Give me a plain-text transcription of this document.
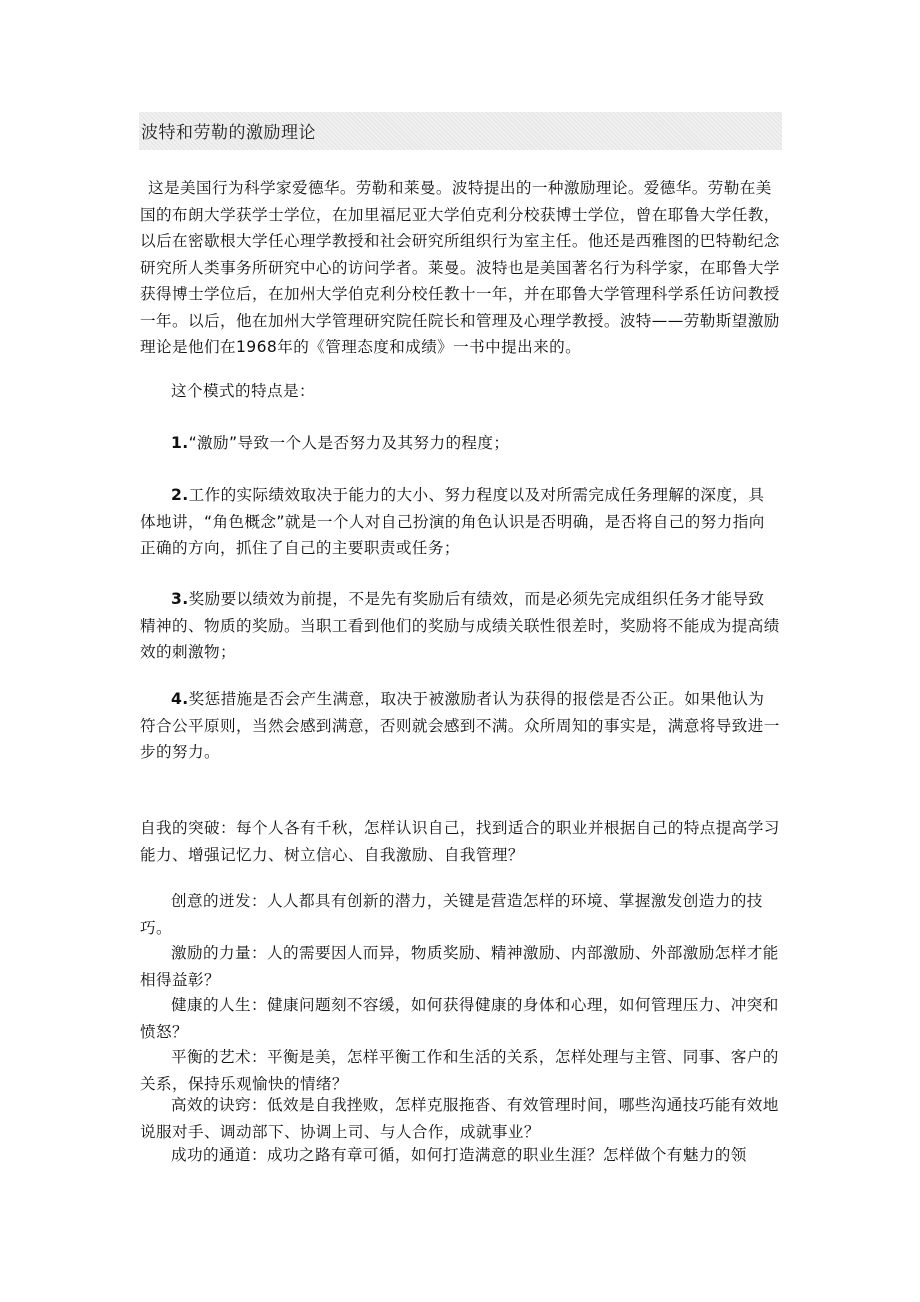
波特和劳勒的激励理论
这是美国行为科学家爱德华。劳勒和莱曼。波特提出的一种激励理论。爱德华。劳勒在美国的布朗大学获学士学位，在加里福尼亚大学伯克利分校获博士学位，曾在耶鲁大学任教，以后在密歇根大学任心理学教授和社会研究所组织行为室主任。他还是西雅图的巴特勒纪念研究所人类事务所研究中心的访问学者。莱曼。波特也是美国著名行为科学家，在耶鲁大学获得博士学位后，在加州大学伯克利分校任教十一年，并在耶鲁大学管理科学系任访问教授一年。以后，他在加州大学管理研究院任院长和管理及心理学教授。波特——劳勒斯望激励理论是他们在1968年的《管理态度和成绩》一书中提出来的。
这个模式的特点是：
1.“激励”导致一个人是否努力及其努力的程度；
2.工作的实际绩效取决于能力的大小、努力程度以及对所需完成任务理解的深度，具体地讲，“角色概念”就是一个人对自己扮演的角色认识是否明确，是否将自己的努力指向正确的方向，抓住了自己的主要职责或任务；
3.奖励要以绩效为前提，不是先有奖励后有绩效，而是必须先完成组织任务才能导致精神的、物质的奖励。当职工看到他们的奖励与成绩关联性很差时，奖励将不能成为提高绩效的刺激物；
4.奖惩措施是否会产生满意，取决于被激励者认为获得的报偿是否公正。如果他认为符合公平原则，当然会感到满意，否则就会感到不满。众所周知的事实是，满意将导致进一步的努力。
自我的突破：每个人各有千秋，怎样认识自己，找到适合的职业并根据自己的特点提高学习能力、增强记忆力、树立信心、自我激励、自我管理？
创意的迸发：人人都具有创新的潜力，关键是营造怎样的环境、掌握激发创造力的技巧。
激励的力量：人的需要因人而异，物质奖励、精神激励、内部激励、外部激励怎样才能相得益彰？
健康的人生：健康问题刻不容缓，如何获得健康的身体和心理，如何管理压力、冲突和愤怒？
平衡的艺术：平衡是美，怎样平衡工作和生活的关系，怎样处理与主管、同事、客户的关系，保持乐观愉快的情绪？
高效的诀窍：低效是自我挫败，怎样克服拖沓、有效管理时间，哪些沟通技巧能有效地说服对手、调动部下、协调上司、与人合作，成就事业？
成功的通道：成功之路有章可循，如何打造满意的职业生涯？怎样做个有魅力的领
